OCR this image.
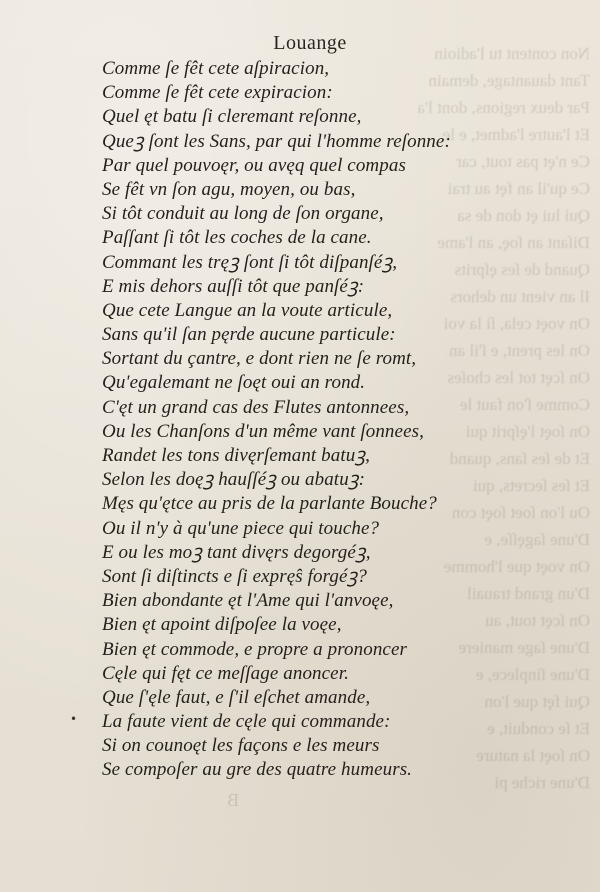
Non content tu l'adioin
Tant dauantage, demain
Par deux regions, dont l'a
Et l'autre l'admet, e le
Ce n'ęt pas tout, car
Ce qu'il an fęt au trai
Qui lui ęt don de sa
Diſant an ſoę, an l'ame
Quand de ſes ęſprits
Il an vient un dehors
On voęt cela, ſi la voi
On les prent, e ſ'il an
On ſcęt tot les choſes
Comme ſ'on faut le
On ſoęt l'ęſprit qui
Et de ſes ſans, quand
Et ſes ſecrets, qui
Ou l'on ſoet ſoęt con
D'une ſagęſſe, e
On voęt que l'homme
D'un grand trauail
On ſcęt tout, au
D'une ſage maniere
D'une ſinplece, e
Qui fęt que l'on
Et ſe conduit, e
On ſoęt la nature
D'une riche pi
Louange
Comme ſe fêt cete aſpiracion,
Comme ſe fêt cete expiracion:
Quel ęt batu ſi cleremant reſonne,
Queꝫ ſont les Sans, par qui l'homme reſonne:
Par quel pouvoęr, ou avęq quel compas
Se fêt vn ſon agu, moyen, ou bas,
Si tôt conduit au long de ſon organe,
Paſſant ſi tôt les coches de la cane.
Commant les tręꝫ ſont ſi tôt diſpanſéꝫ,
E mis dehors auſſi tôt que panſéꝫ:
Que cete Langue an la voute articule,
Sans qu'il ſan pęrde aucune particule:
Sortant du çantre, e dont rien ne ſe romt,
Qu'egalemant ne ſoęt oui an rond.
C'ęt un grand cas des Flutes antonnees,
Ou les Chanſons d'un même vant ſonnees,
Randet les tons divęrſemant batuꝫ,
Selon les doęꝫ hauſſéꝫ ou abatuꝫ:
Męs qu'ętce au pris de la parlante Bouche?
Ou il n'y à qu'une piece qui touche?
E ou les moꝫ tant divęrs degorgéꝫ,
Sont ſi diſtincts e ſi exprę̂s forgéꝫ?
Bien abondante ęt l'Ame qui l'anvoęe,
Bien ęt apoint diſpoſee la voęe,
Bien ęt commode, e propre a prononcer
Cęle qui fęt ce meſſage anoncer.
Que ſ'ęle faut, e ſ'il eſchet amande,
La faute vient de cęle qui commande:
Si on counoęt les façons e les meurs
Se compoſer au gre des quatre humeurs.
•
B
